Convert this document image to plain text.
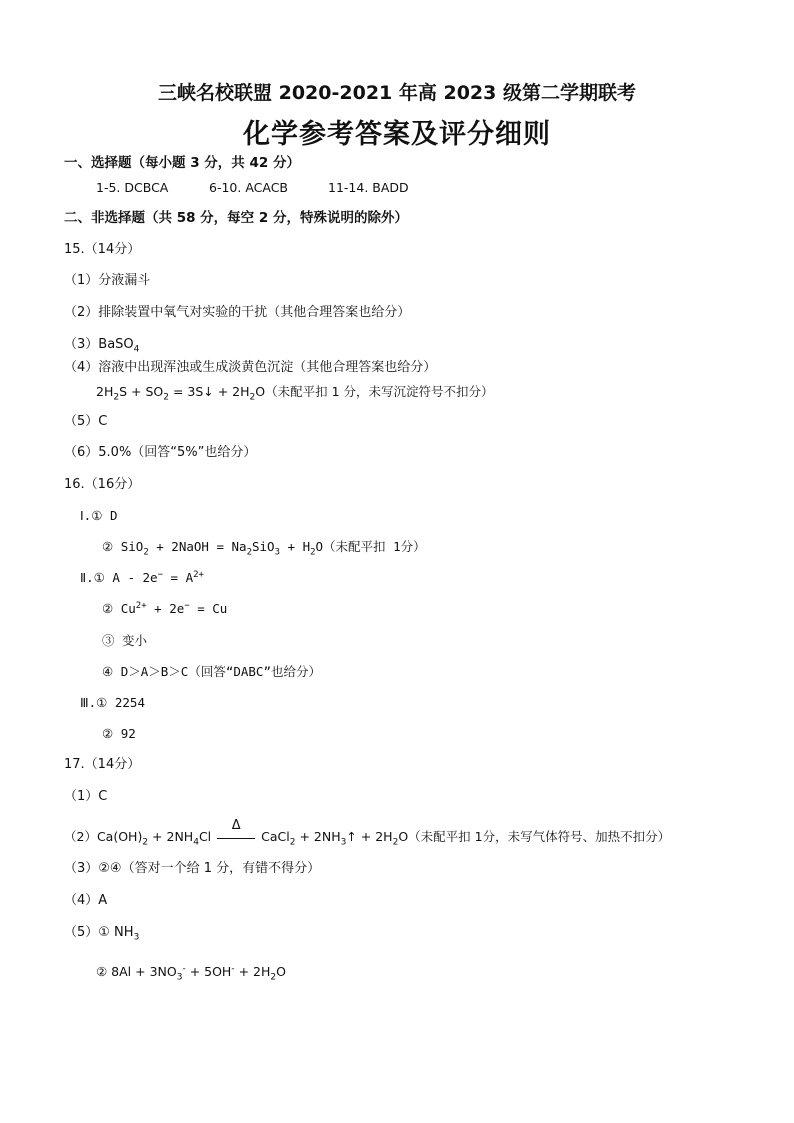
三峡名校联盟 2020-2021 年高 2023 级第二学期联考
化学参考答案及评分细则
一、选择题（每小题 3 分，共 42 分）
1-5. DCBCA	6-10. ACACB	11-14. BADD
二、非选择题（共 58 分，每空 2 分，特殊说明的除外）
15.（14分）
（1）分液漏斗
（2）排除装置中氧气对实验的干扰（其他合理答案也给分）
（3）BaSO$_4$
（4）溶液中出现浑浊或生成淡黄色沉淀（其他合理答案也给分）
$2H_2S + SO_2$ = 3S↓ + $2H_2O$（未配平扣 1 分，未写沉淀符号不扣分）
（5）C
（6）5.0%（回答“5%”也给分）
16.（16分）
Ⅰ.① D
② SiO$_2$ + 2NaOH = $Na_2SiO_3 + H_2O$（未配平扣 1分）
Ⅱ.① $A - 2e^- = A^{2+}$
② $Cu^{2+} + 2e^- = Cu$
③ 变小
④ D＞A＞B＞C（回答“DABC”也给分）
Ⅲ.① 2254
② 92
17.（14分）
（1）C
$(2)Ca(OH)_2 + 2NH_4Cl$
Δ
CaCl$_2$ + $2NH_3↑ + 2H_2O$（未配平扣 1分，未写气体符号、加热不扣分）
（3）②④（答对一个给 1 分，有错不得分）
（4）A
（5）① $NH_3$
② $8Al + 3NO_3^- + 5OH^- + 2H_2O$
